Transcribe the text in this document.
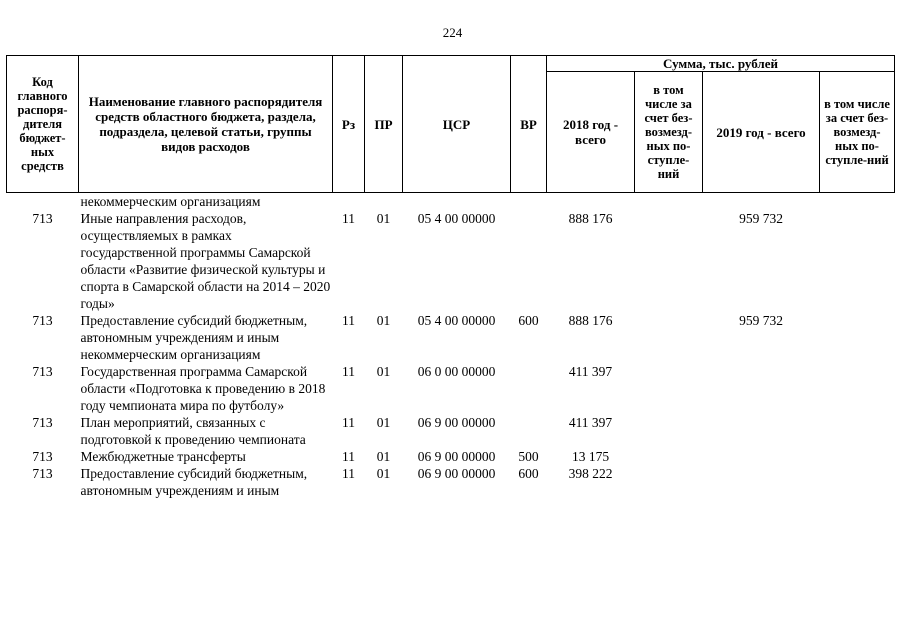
224
Код главного распоря-дителя бюджет-ных средств	Наименование главного распорядителя средств областного бюджета, раздела, подраздела, целевой статьи, группы видов расходов	Рз	ПР	ЦСР	ВР	Сумма, тыс. рублей			
						2018 год - всего	в том числе за счет без-возмезд-ных по-ступле-ний	2019 год - всего	в том числе за счет без-возмезд-ных по-ступле-ний
	некоммерческим организациям								
713	Иные направления расходов, осуществляемых в рамках государственной программы Самарской области «Развитие физической культуры и спорта в Самарской области на 2014 – 2020 годы»	11	01	05 4 00 00000		888 176		959 732	
713	Предоставление субсидий бюджетным, автономным учреждениям и иным некоммерческим организациям	11	01	05 4 00 00000	600	888 176		959 732	
713	Государственная программа Самарской области «Подготовка к проведению в 2018 году чемпионата мира по футболу»	11	01	06 0 00 00000		411 397			
713	План мероприятий, связанных с подготовкой к проведению чемпионата	11	01	06 9 00 00000		411 397			
713	Межбюджетные трансферты	11	01	06 9 00 00000	500	13 175			
713	Предоставление субсидий бюджетным, автономным учреждениям и иным	11	01	06 9 00 00000	600	398 222			
